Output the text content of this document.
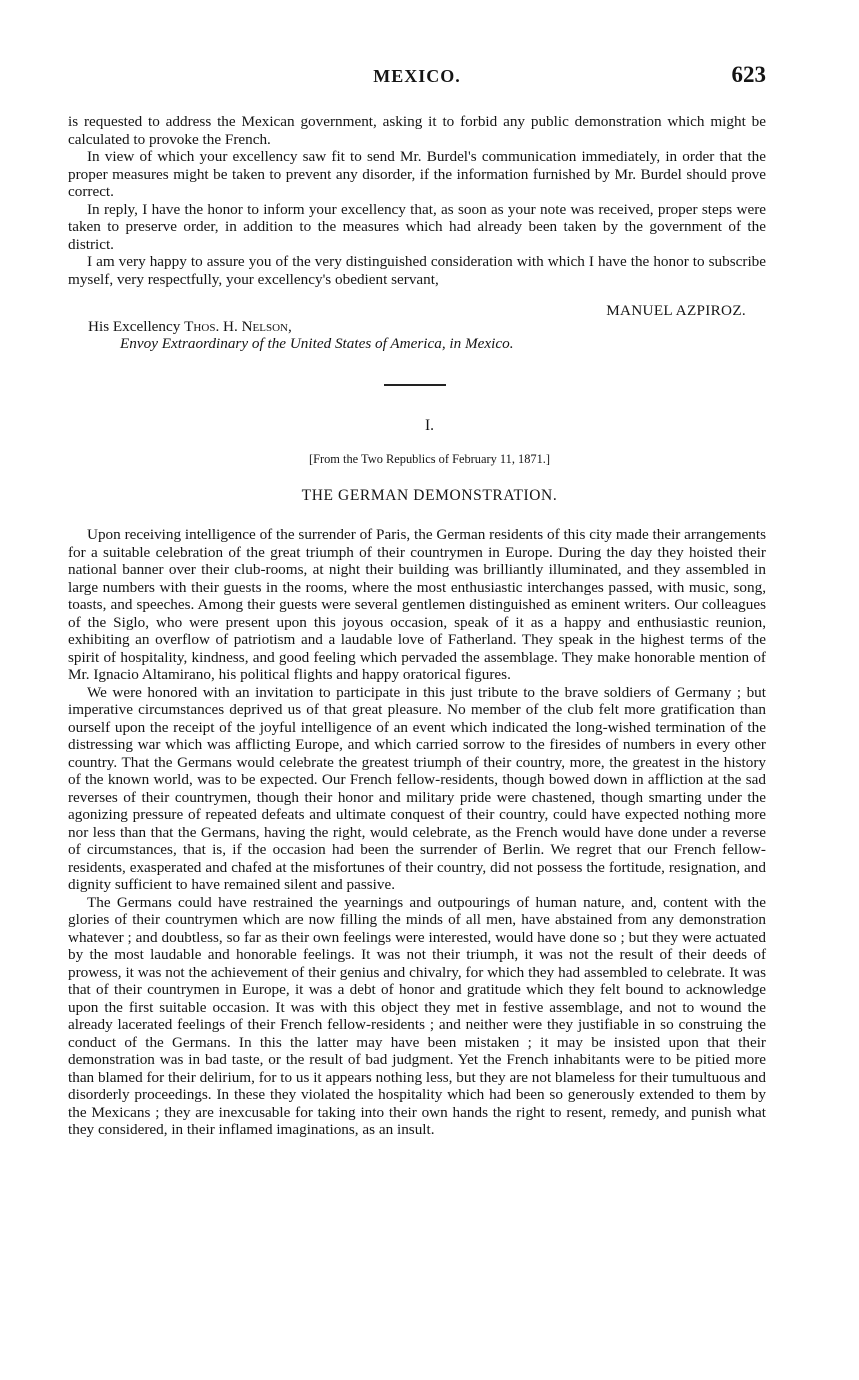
MEXICO.	623

is requested to address the Mexican government, asking it to forbid any public demonstration which might be calculated to provoke the French.

In view of which your excellency saw fit to send Mr. Burdel's communication immediately, in order that the proper measures might be taken to prevent any disorder, if the information furnished by Mr. Burdel should prove correct.

In reply, I have the honor to inform your excellency that, as soon as your note was received, proper steps were taken to preserve order, in addition to the measures which had already been taken by the government of the district.

I am very happy to assure you of the very distinguished consideration with which I have the honor to subscribe myself, very respectfully, your excellency's obedient servant,

MANUEL AZPIROZ.
His Excellency Thos. H. Nelson,
Envoy Extraordinary of the United States of America, in Mexico.
I.
[From the Two Republics of February 11, 1871.]
THE GERMAN DEMONSTRATION.

Upon receiving intelligence of the surrender of Paris, the German residents of this city made their arrangements for a suitable celebration of the great triumph of their countrymen in Europe. During the day they hoisted their national banner over their club-rooms, at night their building was brilliantly illuminated, and they assembled in large numbers with their guests in the rooms, where the most enthusiastic interchanges passed, with music, song, toasts, and speeches. Among their guests were several gentlemen distinguished as eminent writers. Our colleagues of the Siglo, who were present upon this joyous occasion, speak of it as a happy and enthusiastic reunion, exhibiting an overflow of patriotism and a laudable love of Fatherland. They speak in the highest terms of the spirit of hospitality, kindness, and good feeling which pervaded the assemblage. They make honorable mention of Mr. Ignacio Altamirano, his political flights and happy oratorical figures.

We were honored with an invitation to participate in this just tribute to the brave soldiers of Germany ; but imperative circumstances deprived us of that great pleasure. No member of the club felt more gratification than ourself upon the receipt of the joyful intelligence of an event which indicated the long-wished termination of the distressing war which was afflicting Europe, and which carried sorrow to the firesides of numbers in every other country. That the Germans would celebrate the greatest triumph of their country, more, the greatest in the history of the known world, was to be expected. Our French fellow-residents, though bowed down in affliction at the sad reverses of their countrymen, though their honor and military pride were chastened, though smarting under the agonizing pressure of repeated defeats and ultimate conquest of their country, could have expected nothing more nor less than that the Germans, having the right, would celebrate, as the French would have done under a reverse of circumstances, that is, if the occasion had been the surrender of Berlin. We regret that our French fellow-residents, exasperated and chafed at the misfortunes of their country, did not possess the fortitude, resignation, and dignity sufficient to have remained silent and passive.

The Germans could have restrained the yearnings and outpourings of human nature, and, content with the glories of their countrymen which are now filling the minds of all men, have abstained from any demonstration whatever ; and doubtless, so far as their own feelings were interested, would have done so ; but they were actuated by the most laudable and honorable feelings. It was not their triumph, it was not the result of their deeds of prowess, it was not the achievement of their genius and chivalry, for which they had assembled to celebrate. It was that of their countrymen in Europe, it was a debt of honor and gratitude which they felt bound to acknowledge upon the first suitable occasion. It was with this object they met in festive assemblage, and not to wound the already lacerated feelings of their French fellow-residents ; and neither were they justifiable in so construing the conduct of the Germans. In this the latter may have been mistaken ; it may be insisted upon that their demonstration was in bad taste, or the result of bad judgment. Yet the French inhabitants were to be pitied more than blamed for their delirium, for to us it appears nothing less, but they are not blameless for their tumultuous and disorderly proceedings. In these they violated the hospitality which had been so generously extended to them by the Mexicans ; they are inexcusable for taking into their own hands the right to resent, remedy, and punish what they considered, in their inflamed imaginations, as an insult.
